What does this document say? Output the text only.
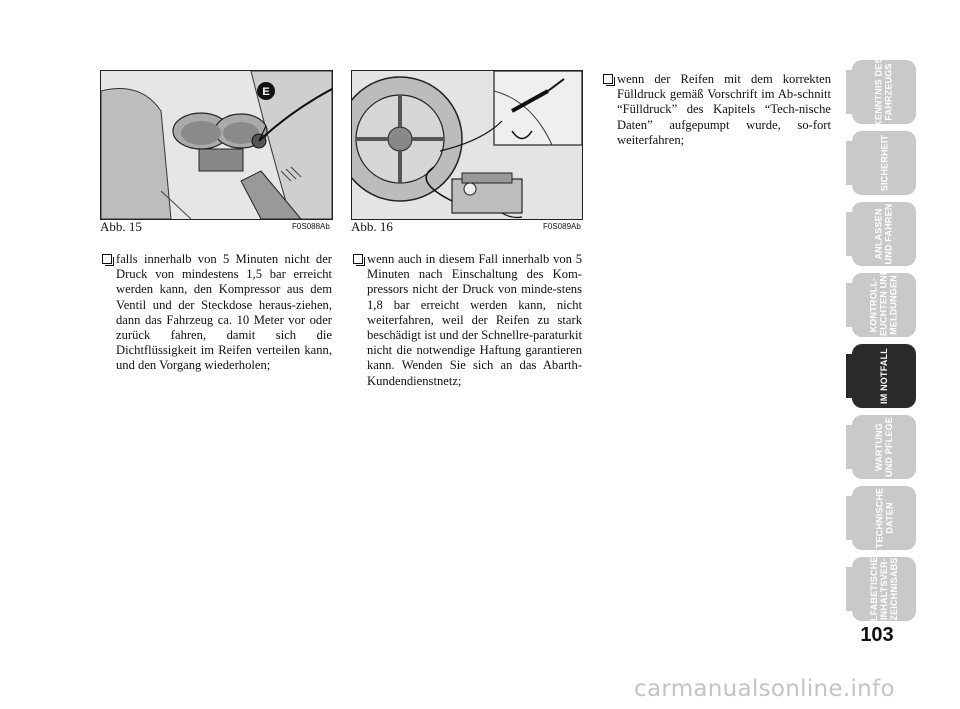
E
Abb. 15	F0S088Ab Abb. 16	F0S089Ab
falls innerhalb von 5 Minuten nicht der Druck von mindestens 1,5 bar erreicht werden kann, den Kompressor aus dem Ventil und der Steckdose heraus-ziehen, dann das Fahrzeug ca. 10 Meter vor oder zurück fahren, damit sich die Dichtflüssigkeit im Reifen verteilen kann, und den Vorgang wiederholen;
wenn auch in diesem Fall innerhalb von 5 Minuten nach Einschaltung des Kom-pressors nicht der Druck von minde-stens 1,8 bar erreicht werden kann, nicht weiterfahren, weil der Reifen zu stark beschädigt ist und der Schnellre-paraturkit nicht die notwendige Haftung garantieren kann. Wenden Sie sich an das Abarth-Kundendienstnetz;
wenn der Reifen mit dem korrekten Fülldruck gemäß Vorschrift im Ab-schnitt “Fülldruck” des Kapitels “Tech-nische Daten” aufgepumpt wurde, so-fort weiterfahren;
KENNTNIS DES
FAHRZEUGS
SICHERHEIT
ANLASSEN
UND FAHREN
KONTROLL-
LEUCHTEN UND
MELDUNGEN
IM NOTFALL
WARTUNG
UND PFLEGE
TECHNISCHE
DATEN
ALFABETISCHES
INHALTSVER-
ZEICHNISABS
103
carmanualsonline.info
